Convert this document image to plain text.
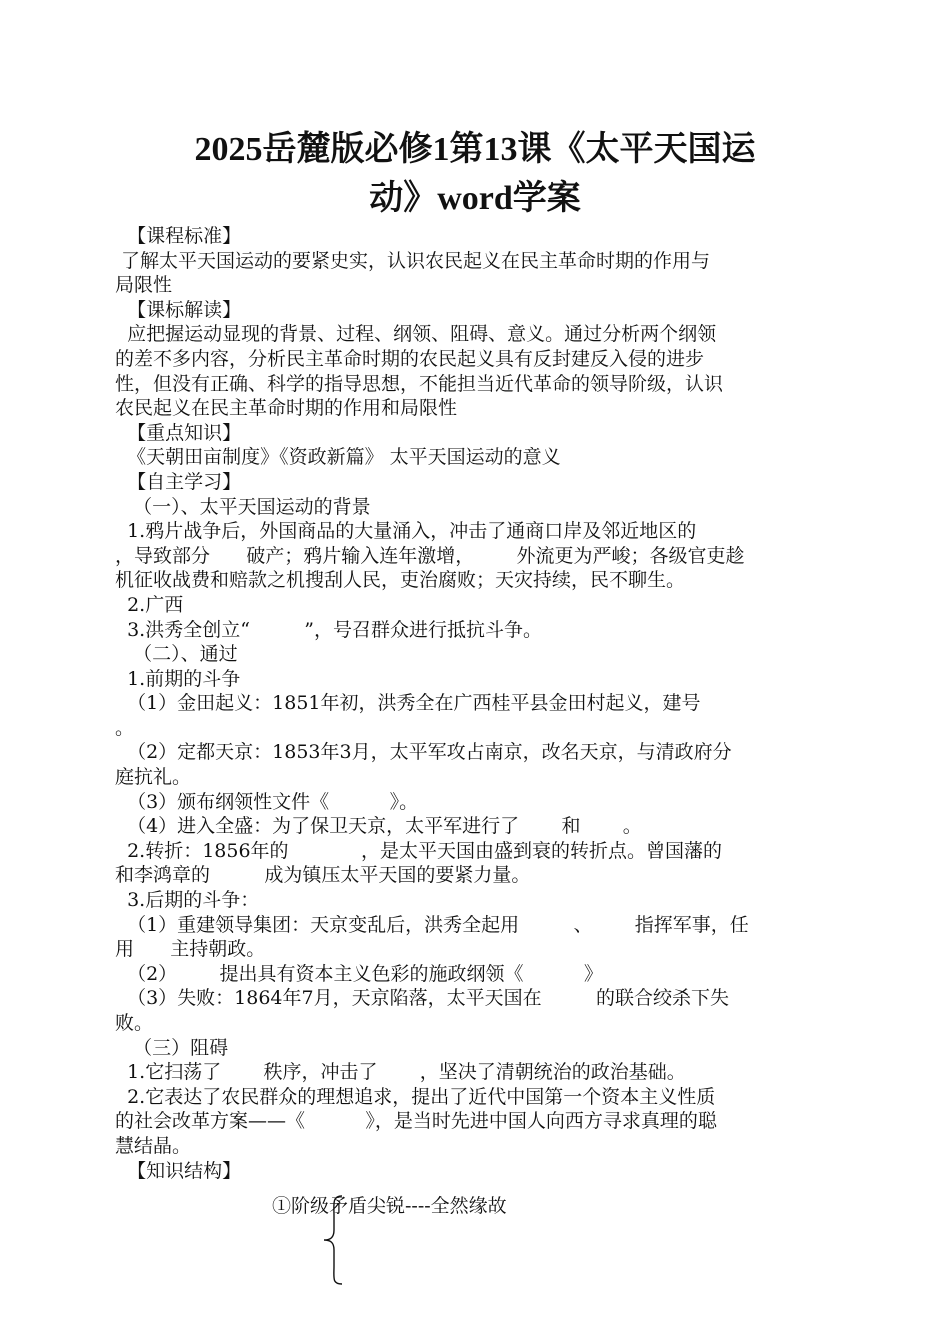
2025岳麓版必修1第13课《太平天国运
动》word学案
【课程标准】
了解太平天国运动的要紧史实，认识农民起义在民主革命时期的作用与
局限性
【课标解读】
应把握运动显现的背景、过程、纲领、阻碍、意义。通过分析两个纲领
的差不多内容，分析民主革命时期的农民起义具有反封建反入侵的进步
性，但没有正确、科学的指导思想，不能担当近代革命的领导阶级，认识
农民起义在民主革命时期的作用和局限性
【重点知识】
《天朝田亩制度》《资政新篇》 太平天国运动的意义
【自主学习】
（一）、太平天国运动的背景
1.鸦片战争后，外国商品的大量涌入，冲击了通商口岸及邻近地区的
，导致部分      破产；鸦片输入连年激增，       外流更为严峻；各级官吏趁
机征收战费和赔款之机搜刮人民，吏治腐败；天灾持续，民不聊生。
2.广西
3.洪秀全创立“         ”，号召群众进行抵抗斗争。
（二）、通过
1.前期的斗争
（1）金田起义：1851年初，洪秀全在广西桂平县金田村起义，建号
。
（2）定都天京：1853年3月，太平军攻占南京，改名天京，与清政府分
庭抗礼。
（3）颁布纲领性文件《          》。
（4）进入全盛：为了保卫天京，太平军进行了       和       。
2.转折：1856年的            ，是太平天国由盛到衰的转折点。曾国藩的
和李鸿章的         成为镇压太平天国的要紧力量。
3.后期的斗争：
（1）重建领导集团：天京变乱后，洪秀全起用         、       指挥军事，任
用      主持朝政。
（2）       提出具有资本主义色彩的施政纲领《          》
（3）失败：1864年7月，天京陷落，太平天国在         的联合绞杀下失
败。
（三）阻碍
1.它扫荡了       秩序，冲击了       ，坚决了清朝统治的政治基础。
2.它表达了农民群众的理想追求，提出了近代中国第一个资本主义性质
的社会改革方案——《          》，是当时先进中国人向西方寻求真理的聪
慧结晶。
【知识结构】
①阶级矛盾尖锐----全然缘故
